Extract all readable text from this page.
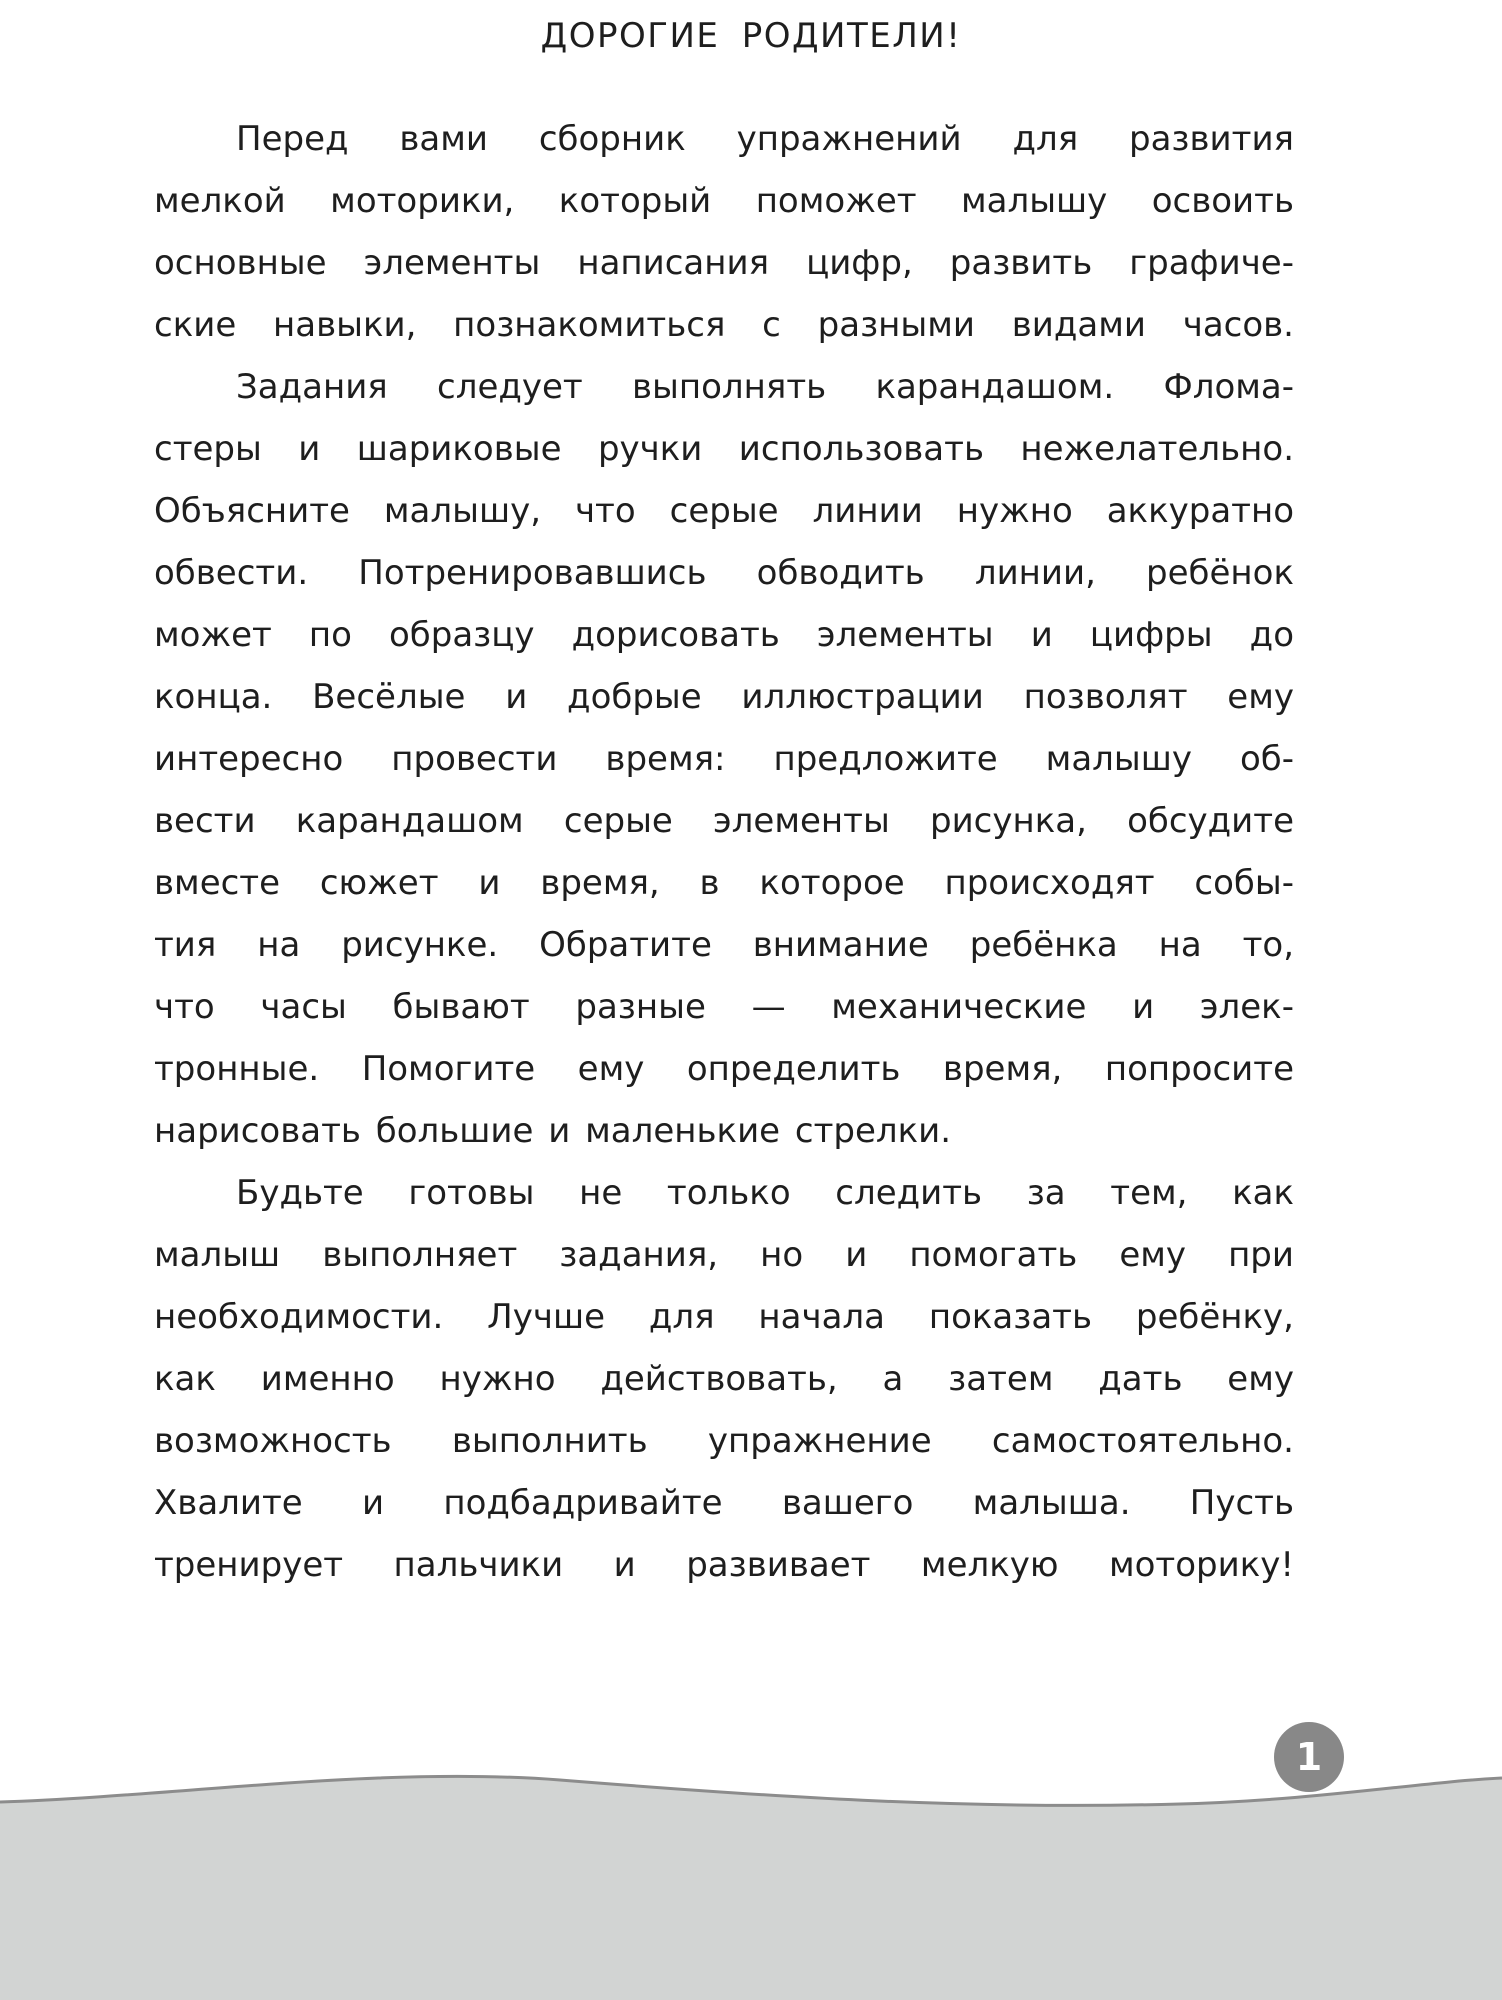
ДОРОГИЕ РОДИТЕЛИ!
Перед вами сборник упражнений для развития
мелкой моторики, который поможет малышу освоить
основные элементы написания цифр, развить графиче-
ские навыки, познакомиться с разными видами часов.
Задания следует выполнять карандашом. Флома-
стеры и шариковые ручки использовать нежелательно.
Объясните малышу, что серые линии нужно аккуратно
обвести. Потренировавшись обводить линии, ребёнок
может по образцу дорисовать элементы и цифры до
конца. Весёлые и добрые иллюстрации позволят ему
интересно провести время: предложите малышу об-
вести карандашом серые элементы рисунка, обсудите
вместе сюжет и время, в которое происходят собы-
тия на рисунке. Обратите внимание ребёнка на то,
что часы бывают разные — механические и элек-
тронные. Помогите ему определить время, попросите
нарисовать большие и маленькие стрелки.
Будьте готовы не только следить за тем, как
малыш выполняет задания, но и помогать ему при
необходимости. Лучше для начала показать ребёнку,
как именно нужно действовать, а затем дать ему
возможность выполнить упражнение самостоятельно.
Хвалите и подбадривайте вашего малыша. Пусть
тренирует пальчики и развивает мелкую моторику!
1
